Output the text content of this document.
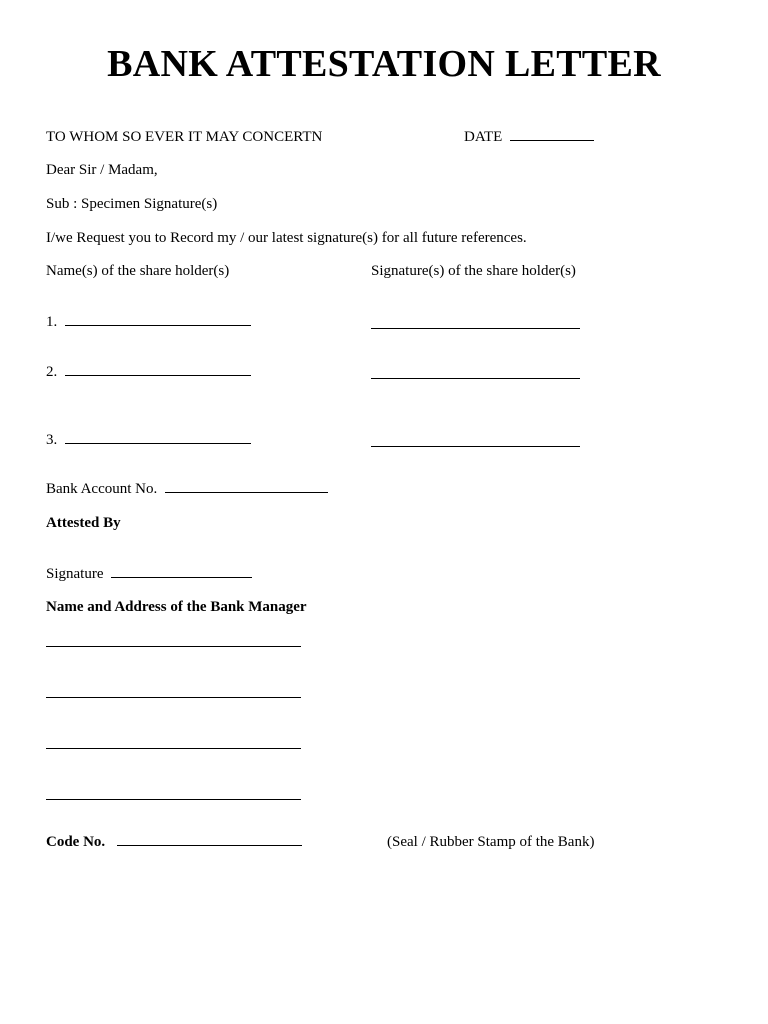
BANK ATTESTATION LETTER
TO WHOM SO EVER IT MAY CONCERTN	DATE
Dear Sir / Madam,
Sub : Specimen Signature(s)
I/we Request you to Record my / our latest signature(s) for all future references.
Name(s) of the share holder(s)	Signature(s) of the share holder(s)
1.
2.
3.
Bank Account No.
Attested By
Signature
Name and Address of the Bank Manager
Code No.	(Seal / Rubber Stamp of the Bank)
